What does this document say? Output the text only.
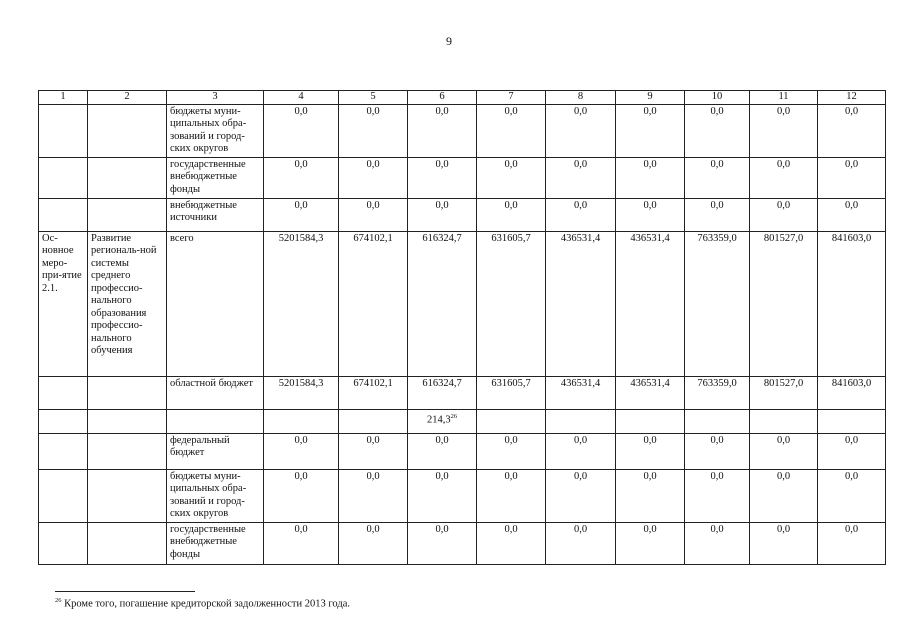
9
1	2	3	4	5	6	7	8	9	10	11	12
		бюджеты муни-ципальных обра-зований и город-ских округов	0,0	0,0	0,0	0,0	0,0	0,0	0,0	0,0	0,0
		государственные внебюджетные фонды	0,0	0,0	0,0	0,0	0,0	0,0	0,0	0,0	0,0
		внебюджетные источники	0,0	0,0	0,0	0,0	0,0	0,0	0,0	0,0	0,0
Ос-новное меро-при-ятие 2.1.	Развитие региональ-ной системы среднего профессио-нального образования профессио-нального обучения	всего	5201584,3	674102,1	616324,7	631605,7	436531,4	436531,4	763359,0	801527,0	841603,0
		областной бюджет	5201584,3	674102,1	616324,7	631605,7	436531,4	436531,4	763359,0	801527,0	841603,0
					214,3$^{26}$						
		федеральный бюджет	0,0	0,0	0,0	0,0	0,0	0,0	0,0	0,0	0,0
		бюджеты муни-ципальных обра-зований и город-ских округов	0,0	0,0	0,0	0,0	0,0	0,0	0,0	0,0	0,0
		государственные внебюджетные фонды	0,0	0,0	0,0	0,0	0,0	0,0	0,0	0,0	0,0
$^{26}$ Кроме того, погашение кредиторской задолженности 2013 года.
